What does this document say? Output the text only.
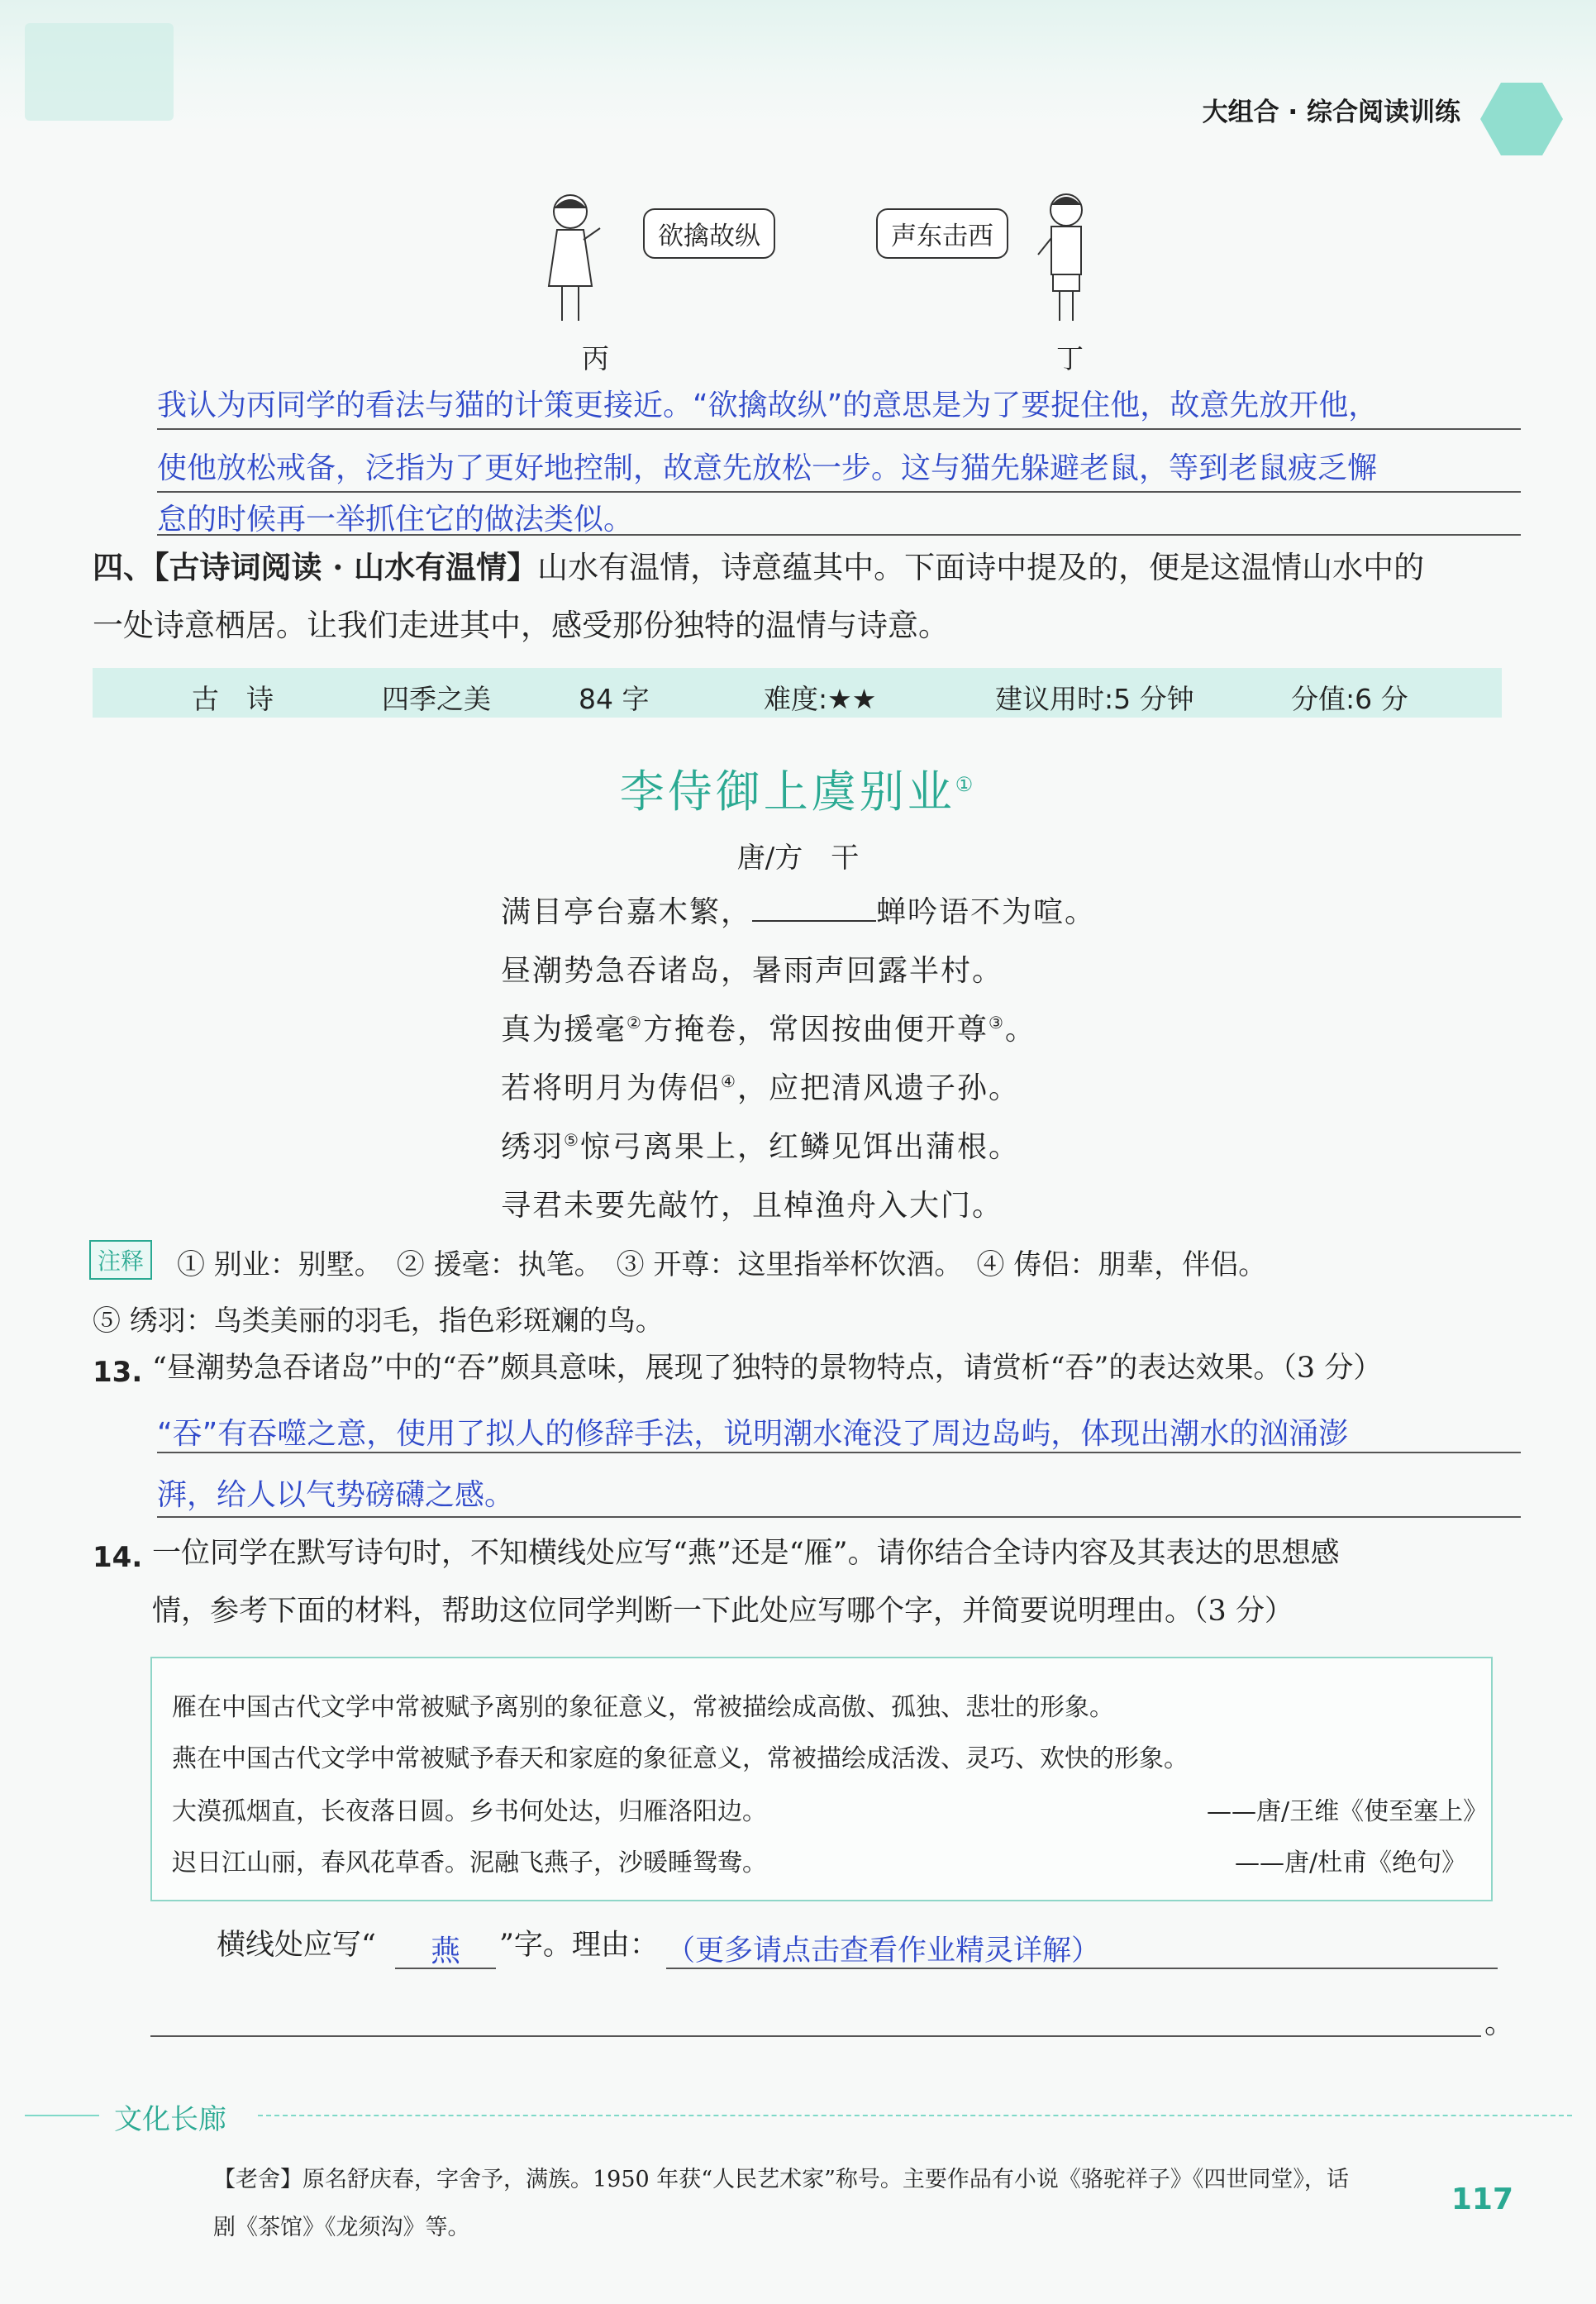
大组合 · 综合阅读训练
欲擒故纵
丙
声东击西
丁
我认为丙同学的看法与猫的计策更接近。“欲擒故纵”的意思是为了要捉住他，故意先放开他，
使他放松戒备，泛指为了更好地控制，故意先放松一步。这与猫先躲避老鼠，等到老鼠疲乏懈
怠的时候再一举抓住它的做法类似。
四、【古诗词阅读 · 山水有温情】山水有温情，诗意蕴其中。下面诗中提及的，便是这温情山水中的
一处诗意栖居。让我们走进其中，感受那份独特的温情与诗意。
古　诗	四季之美	84 字	难度:★★	建议用时:5 分钟	分值:6 分
李侍御上虞别业①
唐/方　干
满目亭台嘉木繁，	蝉吟语不为喧。
昼潮势急吞诸岛，暑雨声回露半村。
真为援毫②方掩卷，常因按曲便开尊③。
若将明月为俦侣④，应把清风遗子孙。
绣羽⑤惊弓离果上，红鳞见饵出蒲根。
寻君未要先敲竹，且棹渔舟入大门。
注释 ① 别业：别墅。　② 援毫：执笔。　③ 开尊：这里指举杯饮酒。　④ 俦侣：朋辈，伴侣。
⑤ 绣羽：鸟类美丽的羽毛，指色彩斑斓的鸟。
13. “昼潮势急吞诸岛”中的“吞”颇具意味，展现了独特的景物特点，请赏析“吞”的表达效果。（3 分）
“吞”有吞噬之意，使用了拟人的修辞手法，说明潮水淹没了周边岛屿，体现出潮水的汹涌澎
湃，给人以气势磅礴之感。
14. 一位同学在默写诗句时，不知横线处应写“燕”还是“雁”。请你结合全诗内容及其表达的思想感
情，参考下面的材料，帮助这位同学判断一下此处应写哪个字，并简要说明理由。（3 分）
雁在中国古代文学中常被赋予离别的象征意义，常被描绘成高傲、孤独、悲壮的形象。
燕在中国古代文学中常被赋予春天和家庭的象征意义，常被描绘成活泼、灵巧、欢快的形象。
大漠孤烟直，长夜落日圆。乡书何处达，归雁洛阳边。	——唐/王维《使至塞上》
迟日江山丽，春风花草香。泥融飞燕子，沙暖睡鸳鸯。	——唐/杜甫《绝句》
横线处应写“	燕	”字。理由： （更多请点击查看作业精灵详解）
。
文化长廊
【老舍】原名舒庆春，字舍予，满族。1950 年获“人民艺术家”称号。主要作品有小说《骆驼祥子》《四世同堂》，话
剧《茶馆》《龙须沟》等。
117
